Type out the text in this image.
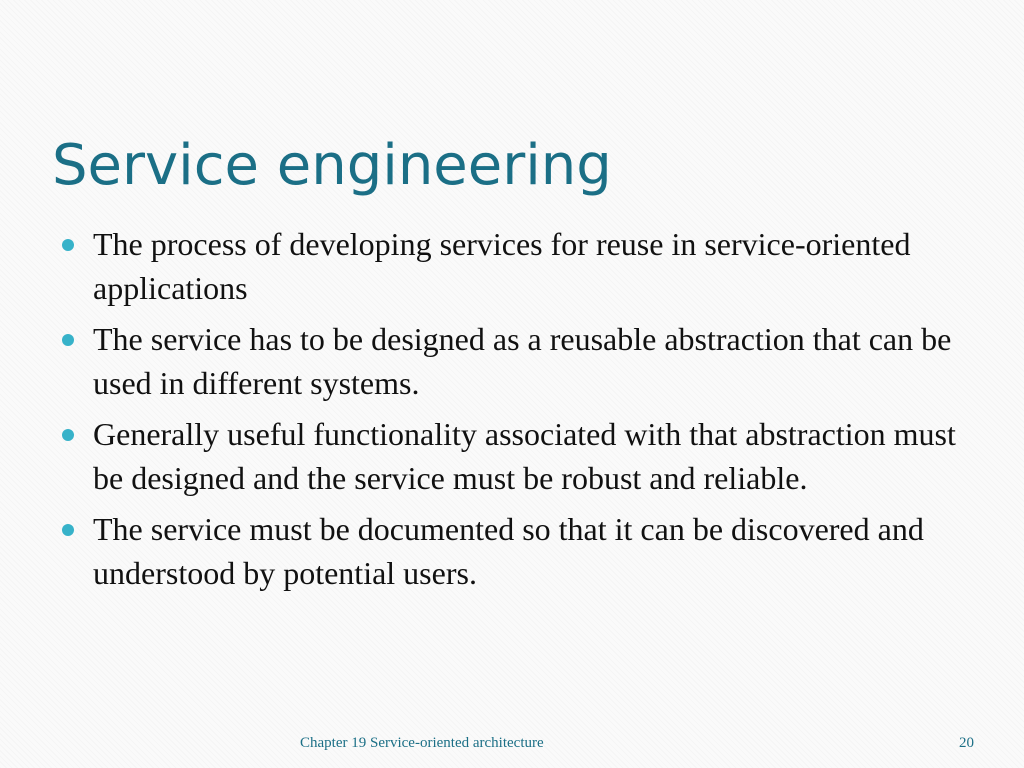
Service engineering
The process of developing services for reuse in service-oriented applications
The service has to be designed as a reusable abstraction that can be used in different systems.
Generally useful functionality associated with that abstraction must be designed and the service must be robust and reliable.
The service must be documented so that it can be discovered and understood by potential users.
Chapter 19 Service-oriented architecture	20
